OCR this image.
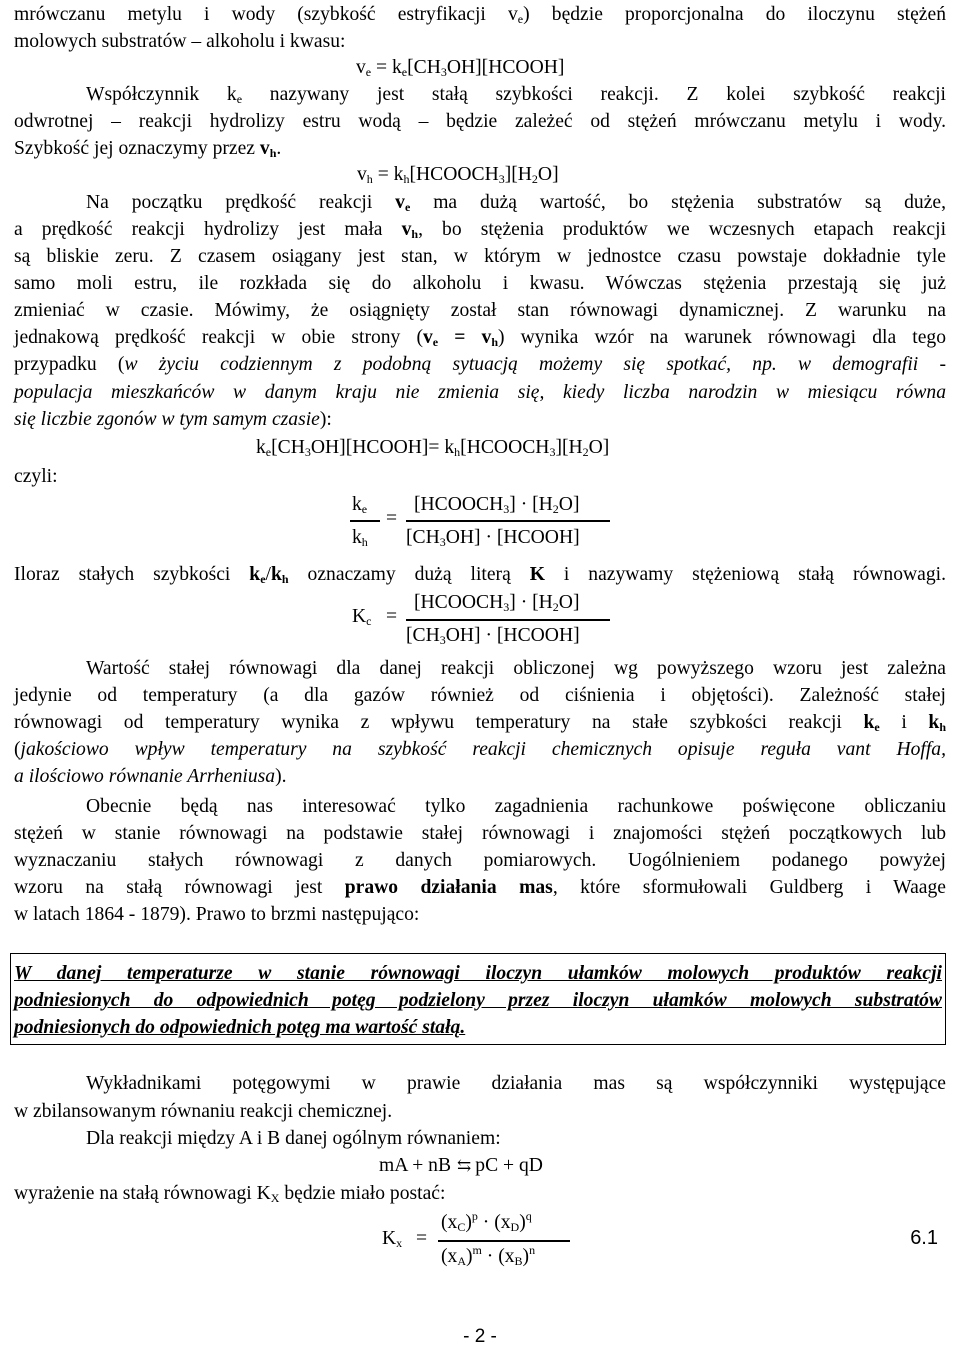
mrówczanu metylu i wody (szybkość estryfikacji $v_e$) będzie proporcjonalna do iloczynu stężeń
molowych substratów – alkoholu i kwasu:
$v_e$ = $k_e[CH_3OH][HCOOH]$
Współczynnik $k_e$ nazywany jest stałą szybkości reakcji. Z kolei szybkość reakcji
odwrotnej – reakcji hydrolizy estru wodą – będzie zależeć od stężeń mrówczanu metylu i wody.
Szybkość jej oznaczymy przez $v_h$.
$v_h$ = $k_h[HCOOCH_3][H_2O]$
Na początku prędkość reakcji $v_e$ ma dużą wartość, bo stężenia substratów są duże,
a prędkość reakcji hydrolizy jest mała $v_h$, bo stężenia produktów we wczesnych etapach reakcji
są bliskie zeru. Z czasem osiągany jest stan, w którym w jednostce czasu powstaje dokładnie tyle
samo moli estru, ile rozkłada się do alkoholu i kwasu. Wówczas stężenia przestają się już
zmieniać w czasie. Mówimy, że osiągnięty został stan równowagi dynamicznej. Z warunku na
jednakową prędkość reakcji w obie strony $(v_e = v_h)$ wynika wzór na warunek równowagi dla tego
przypadku (w życiu codziennym z podobną sytuacją możemy się spotkać, np. w demografii -
populacja mieszkańców w danym kraju nie zmienia się, kiedy liczba narodzin w miesiącu równa
się liczbie zgonów w tym samym czasie):
$k_e[CH_3OH][HCOOH]=$ $k_h[HCOOCH_3][H_2O]$
czyli:
$k_e$
$k_h$
=
$[HCOOCH_3] \cdot [H_2O]$
$[CH_3OH]$ · [HCOOH]
Iloraz stałych szybkości $k_e/k_h$ oznaczamy dużą literą K i nazywamy stężeniową stałą równowagi.
$K_c$ =
$[HCOOCH_3] \cdot [H_2O]$
$[CH_3OH]$ · [HCOOH]
Wartość stałej równowagi dla danej reakcji obliczonej wg powyższego wzoru jest zależna
jedynie od temperatury (a dla gazów również od ciśnienia i objętości). Zależność stałej
równowagi od temperatury wynika z wpływu temperatury na stałe szybkości reakcji $k_e$ i $k_h$
(jakościowo wpływ temperatury na szybkość reakcji chemicznych opisuje reguła vant Hoffa,
a ilościowo równanie Arrheniusa).
Obecnie będą nas interesować tylko zagadnienia rachunkowe poświęcone obliczaniu
stężeń w stanie równowagi na podstawie stałej równowagi i znajomości stężeń początkowych lub
wyznaczaniu stałych równowagi z danych pomiarowych. Uogólnieniem podanego powyżej
wzoru na stałą równowagi jest prawo działania mas, które sformułowali Guldberg i Waage
w latach 1864 - 1879). Prawo to brzmi następująco:
W danej temperaturze w stanie równowagi iloczyn ułamków molowych produktów reakcji
podniesionych do odpowiednich potęg podzielony przez iloczyn ułamków molowych substratów
podniesionych do odpowiednich potęg ma wartość stałą.
Wykładnikami potęgowymi w prawie działania mas są współczynniki występujące
w zbilansowanym równaniu reakcji chemicznej.
Dla reakcji między A i B danej ogólnym równaniem:
mA + nB ⇆ pC + qD
wyrażenie na stałą równowagi $K_X$ będzie miało postać:
$K_x$ =
$(x_C)^p \cdot (x_D)^q$
$(x_A)^m \cdot (x_B)^n$
6.1
- 2 -
